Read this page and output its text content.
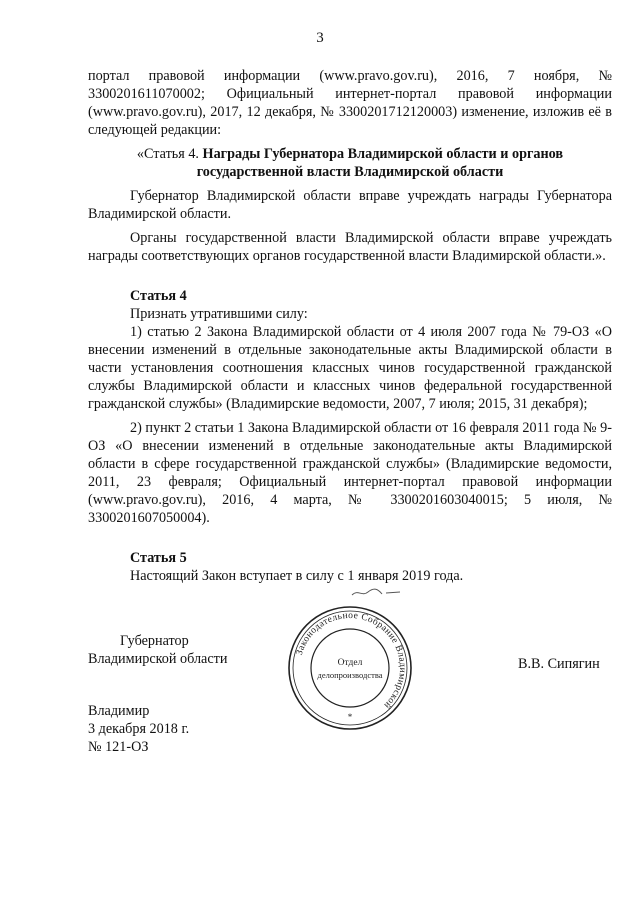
3

портал правовой информации (www.pravo.gov.ru), 2016, 7 ноября, № 3300201611070002; Официальный интернет-портал правовой информации (www.pravo.gov.ru), 2017, 12 декабря, № 3300201712120003) изменение, изложив её в следующей редакции:

«Статья 4. Награды Губернатора Владимирской области и органов государственной власти Владимирской области

Губернатор Владимирской области вправе учреждать награды Губернатора Владимирской области.

Органы государственной власти Владимирской области вправе учреждать награды соответствующих органов государственной власти Владимирской области.».

Статья 4

Признать утратившими силу:

1) статью 2 Закона Владимирской области от 4 июля 2007 года № 79-ОЗ «О внесении изменений в отдельные законодательные акты Владимирской области в части установления соотношения классных чинов государственной гражданской службы Владимирской области и классных чинов федеральной государственной гражданской службы» (Владимирские ведомости, 2007, 7 июля; 2015, 31 декабря);

2) пункт 2 статьи 1 Закона Владимирской области от 16 февраля 2011 года № 9-ОЗ «О внесении изменений в отдельные законодательные акты Владимирской области в сфере государственной гражданской службы» (Владимирские ведомости, 2011, 23 февраля; Официальный интернет-портал правовой информации (www.pravo.gov.ru), 2016, 4 марта, № 3300201603040015; 5 июля, № 3300201607050004).

Статья 5

Настоящий Закон вступает в силу с 1 января 2019 года.

Губернатор
Владимирской области	Законодательное Собрание Владимирской
*
Отдел
делопроизводства
В.В. Сипягин
Владимир
3 декабря 2018 г.
№ 121-ОЗ
